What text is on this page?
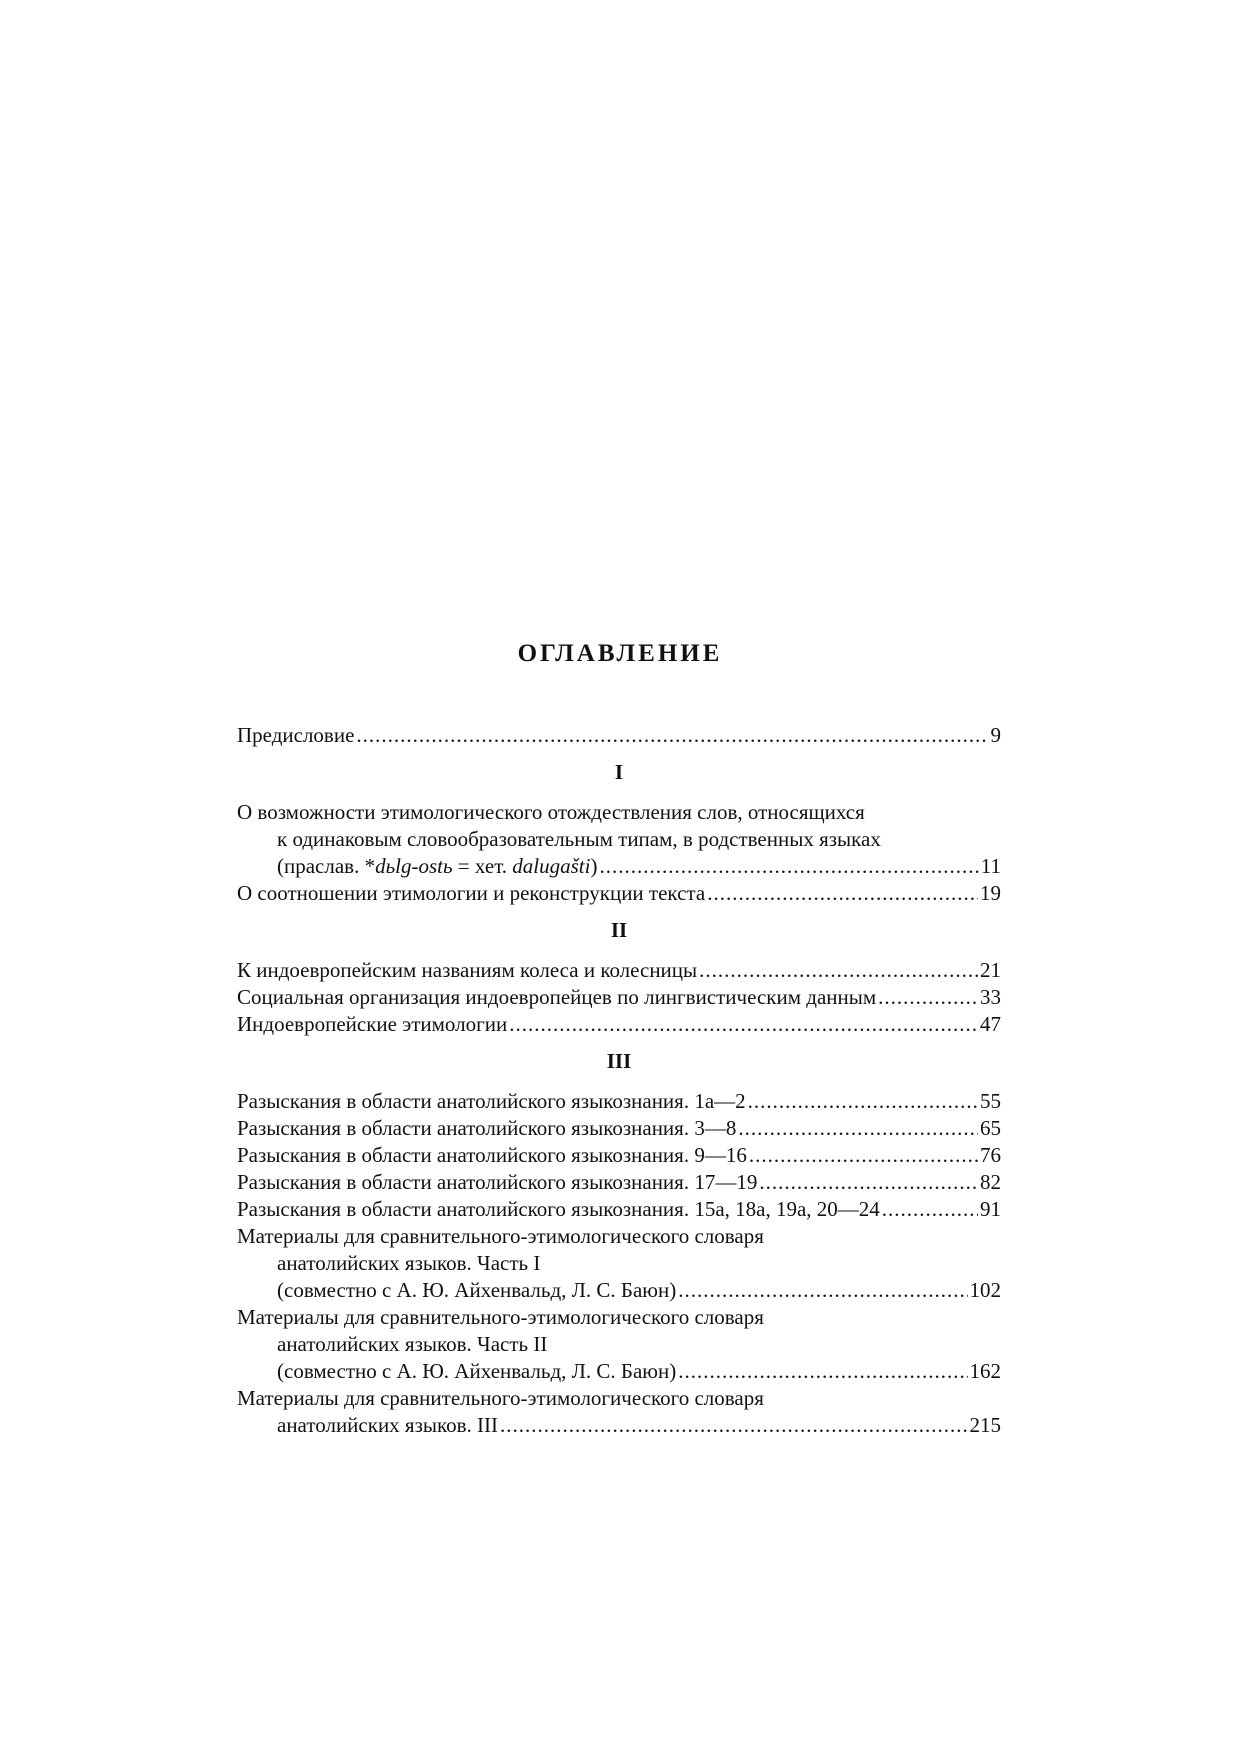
ОГЛАВЛЕНИЕ
Предисловие .....	9
I
О возможности этимологического отождествления слов, относящихся
к одинаковым словообразовательным типам, в родственных языках
(праслав. *dьlg-ostь = хет. dalugašti) .....	11
О соотношении этимологии и реконструкции текста .....	19
II
К индоевропейским названиям колеса и колесницы .....	21
Социальная организация индоевропейцев по лингвистическим данным .....	33
Индоевропейские этимологии .....	47
III
Разыскания в области анатолийского языкознания. 1а—2 .....	55
Разыскания в области анатолийского языкознания. 3—8 .....	65
Разыскания в области анатолийского языкознания. 9—16 .....	76
Разыскания в области анатолийского языкознания. 17—19 .....	82
Разыскания в области анатолийского языкознания. 15а, 18а, 19а, 20—24 .....	91
Материалы для сравнительного-этимологического словаря
анатолийских языков. Часть I
(совместно с А. Ю. Айхенвальд, Л. С. Баюн) .....	102
Материалы для сравнительного-этимологического словаря
анатолийских языков. Часть II
(совместно с А. Ю. Айхенвальд, Л. С. Баюн) .....	162
Материалы для сравнительного-этимологического словаря
анатолийских языков. III .....	215
